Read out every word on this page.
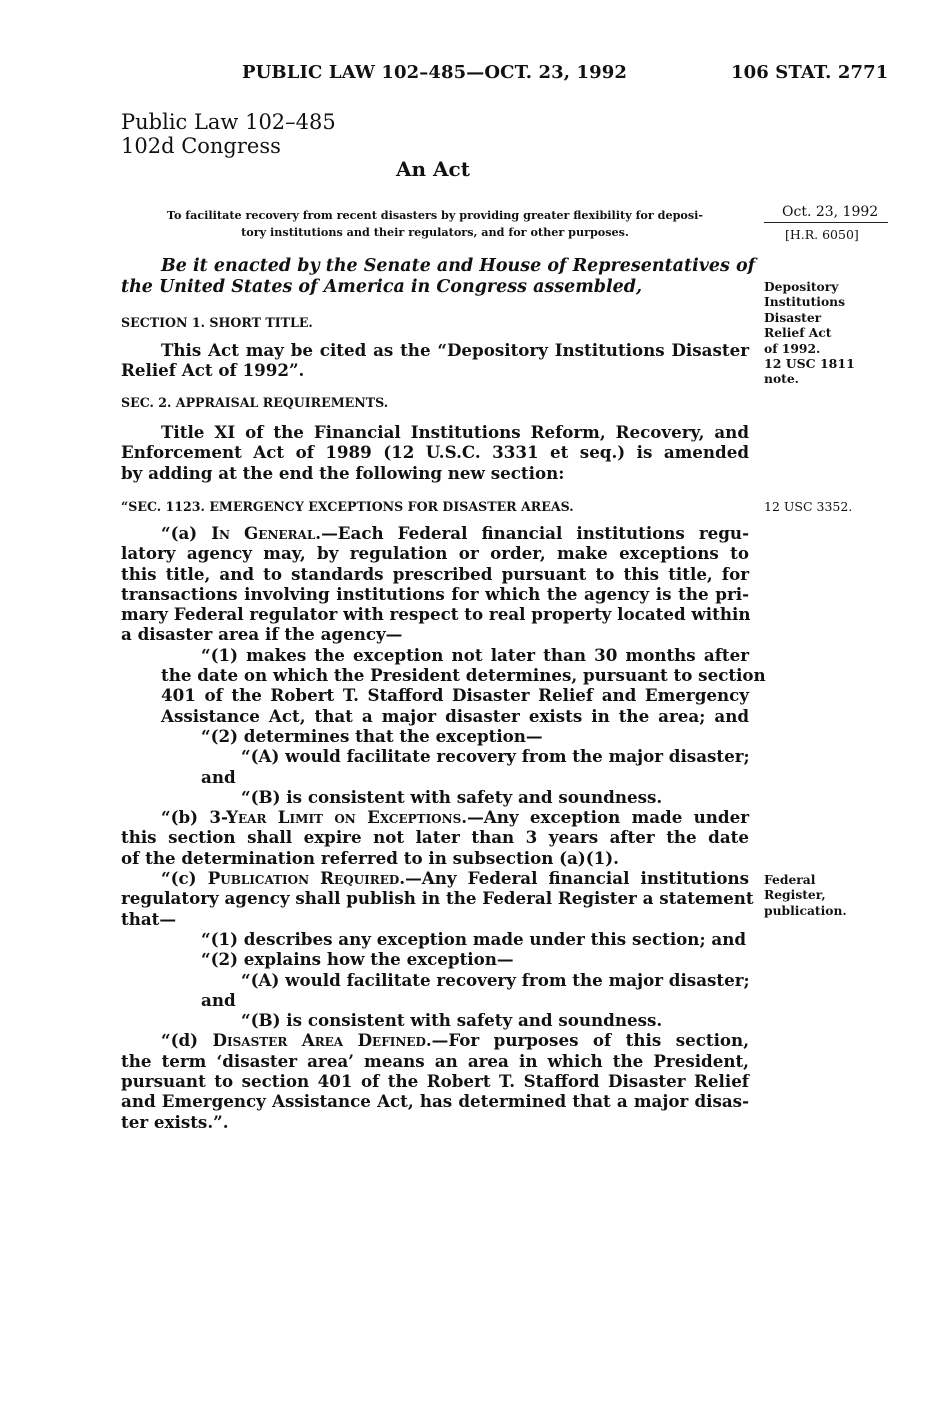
PUBLIC LAW 102–485—OCT. 23, 1992	106 STAT. 2771
Public Law 102–485
102d Congress
An Act
To facilitate recovery from recent disasters by providing greater flexibility for deposi-
tory institutions and their regulators, and for other purposes.
Oct. 23, 1992
[H.R. 6050]
Be it enacted by the Senate and House of Representatives of
the United States of America in Congress assembled,	Depository
Institutions
Disaster
Relief Act
of 1992.
12 USC 1811
note.
SECTION 1. SHORT TITLE.
This Act may be cited as the “Depository Institutions Disaster
Relief Act of 1992”.
SEC. 2. APPRAISAL REQUIREMENTS.
Title XI of the Financial Institutions Reform, Recovery, and
Enforcement Act of 1989 (12 U.S.C. 3331 et seq.) is amended
by adding at the end the following new section:
“SEC. 1123. EMERGENCY EXCEPTIONS FOR DISASTER AREAS.	12 USC 3352.
“(a) In General.—Each Federal financial institutions regu-
latory agency may, by regulation or order, make exceptions to
this title, and to standards prescribed pursuant to this title, for
transactions involving institutions for which the agency is the pri-
mary Federal regulator with respect to real property located within
a disaster area if the agency—
“(1) makes the exception not later than 30 months after
the date on which the President determines, pursuant to section
401 of the Robert T. Stafford Disaster Relief and Emergency
Assistance Act, that a major disaster exists in the area; and
“(2) determines that the exception—
“(A) would facilitate recovery from the major disaster;
and
“(B) is consistent with safety and soundness.
“(b) 3-Year Limit on Exceptions.—Any exception made under
this section shall expire not later than 3 years after the date
of the determination referred to in subsection (a)(1).
“(c) Publication Required.—Any Federal financial institutions
regulatory agency shall publish in the Federal Register a statement
that—
“(1) describes any exception made under this section; and
“(2) explains how the exception—
“(A) would facilitate recovery from the major disaster;
and
“(B) is consistent with safety and soundness.
“(d) Disaster Area Defined.—For purposes of this section,
the term ‘disaster area’ means an area in which the President,
pursuant to section 401 of the Robert T. Stafford Disaster Relief
and Emergency Assistance Act, has determined that a major disas-
ter exists.”.
Federal
Register,
publication.
